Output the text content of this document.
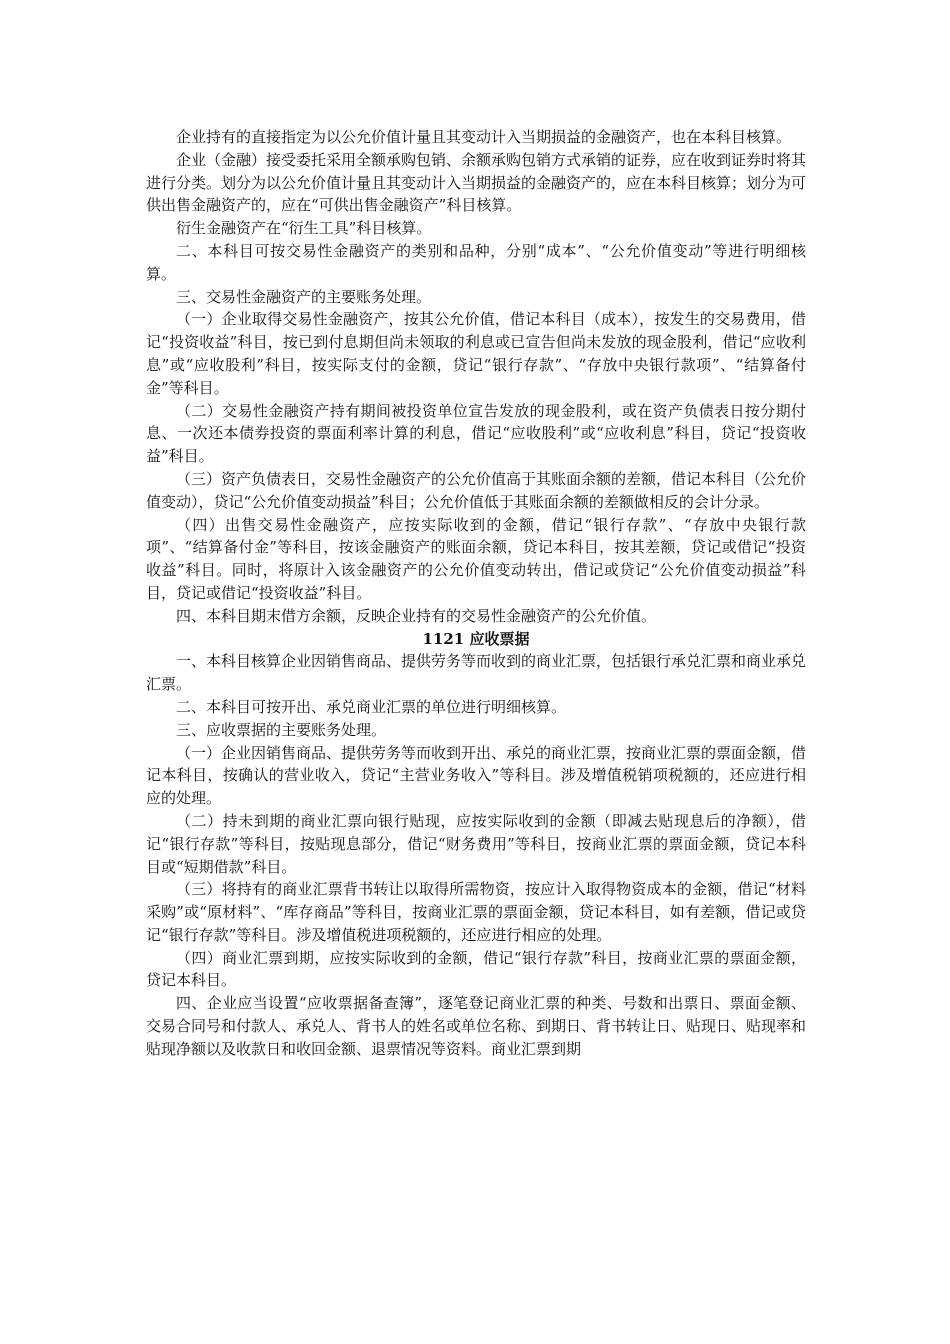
企业持有的直接指定为以公允价值计量且其变动计入当期损益的金融资产，也在本科目核算。

企业（金融）接受委托采用全额承购包销、余额承购包销方式承销的证券，应在收到证券时将其进行分类。划分为以公允价值计量且其变动计入当期损益的金融资产的，应在本科目核算；划分为可供出售金融资产的，应在“可供出售金融资产”科目核算。

衍生金融资产在“衍生工具”科目核算。

二、本科目可按交易性金融资产的类别和品种，分别“成本”、“公允价值变动”等进行明细核算。

三、交易性金融资产的主要账务处理。

（一）企业取得交易性金融资产，按其公允价值，借记本科目（成本），按发生的交易费用，借记“投资收益”科目，按已到付息期但尚未领取的利息或已宣告但尚未发放的现金股利，借记“应收利息”或“应收股利”科目，按实际支付的金额，贷记“银行存款”、“存放中央银行款项”、“结算备付金”等科目。

（二）交易性金融资产持有期间被投资单位宣告发放的现金股利，或在资产负债表日按分期付息、一次还本债券投资的票面利率计算的利息，借记“应收股利”或“应收利息”科目，贷记“投资收益”科目。

（三）资产负债表日，交易性金融资产的公允价值高于其账面余额的差额，借记本科目（公允价值变动），贷记“公允价值变动损益”科目；公允价值低于其账面余额的差额做相反的会计分录。

（四）出售交易性金融资产，应按实际收到的金额，借记“银行存款”、“存放中央银行款项”、“结算备付金”等科目，按该金融资产的账面余额，贷记本科目，按其差额，贷记或借记“投资收益”科目。同时，将原计入该金融资产的公允价值变动转出，借记或贷记“公允价值变动损益”科目，贷记或借记“投资收益”科目。

四、本科目期末借方余额，反映企业持有的交易性金融资产的公允价值。

1121 应收票据

一、本科目核算企业因销售商品、提供劳务等而收到的商业汇票，包括银行承兑汇票和商业承兑汇票。

二、本科目可按开出、承兑商业汇票的单位进行明细核算。

三、应收票据的主要账务处理。

（一）企业因销售商品、提供劳务等而收到开出、承兑的商业汇票，按商业汇票的票面金额，借记本科目，按确认的营业收入，贷记“主营业务收入”等科目。涉及增值税销项税额的，还应进行相应的处理。

（二）持未到期的商业汇票向银行贴现，应按实际收到的金额（即减去贴现息后的净额），借记“银行存款”等科目，按贴现息部分，借记“财务费用”等科目，按商业汇票的票面金额，贷记本科目或“短期借款”科目。

（三）将持有的商业汇票背书转让以取得所需物资，按应计入取得物资成本的金额，借记“材料采购”或“原材料”、“库存商品”等科目，按商业汇票的票面金额，贷记本科目，如有差额，借记或贷记“银行存款”等科目。涉及增值税进项税额的，还应进行相应的处理。

（四）商业汇票到期，应按实际收到的金额，借记“银行存款”科目，按商业汇票的票面金额，贷记本科目。

四、企业应当设置“应收票据备查簿”，逐笔登记商业汇票的种类、号数和出票日、票面金额、交易合同号和付款人、承兑人、背书人的姓名或单位名称、到期日、背书转让日、贴现日、贴现率和贴现净额以及收款日和收回金额、退票情况等资料。商业汇票到期
